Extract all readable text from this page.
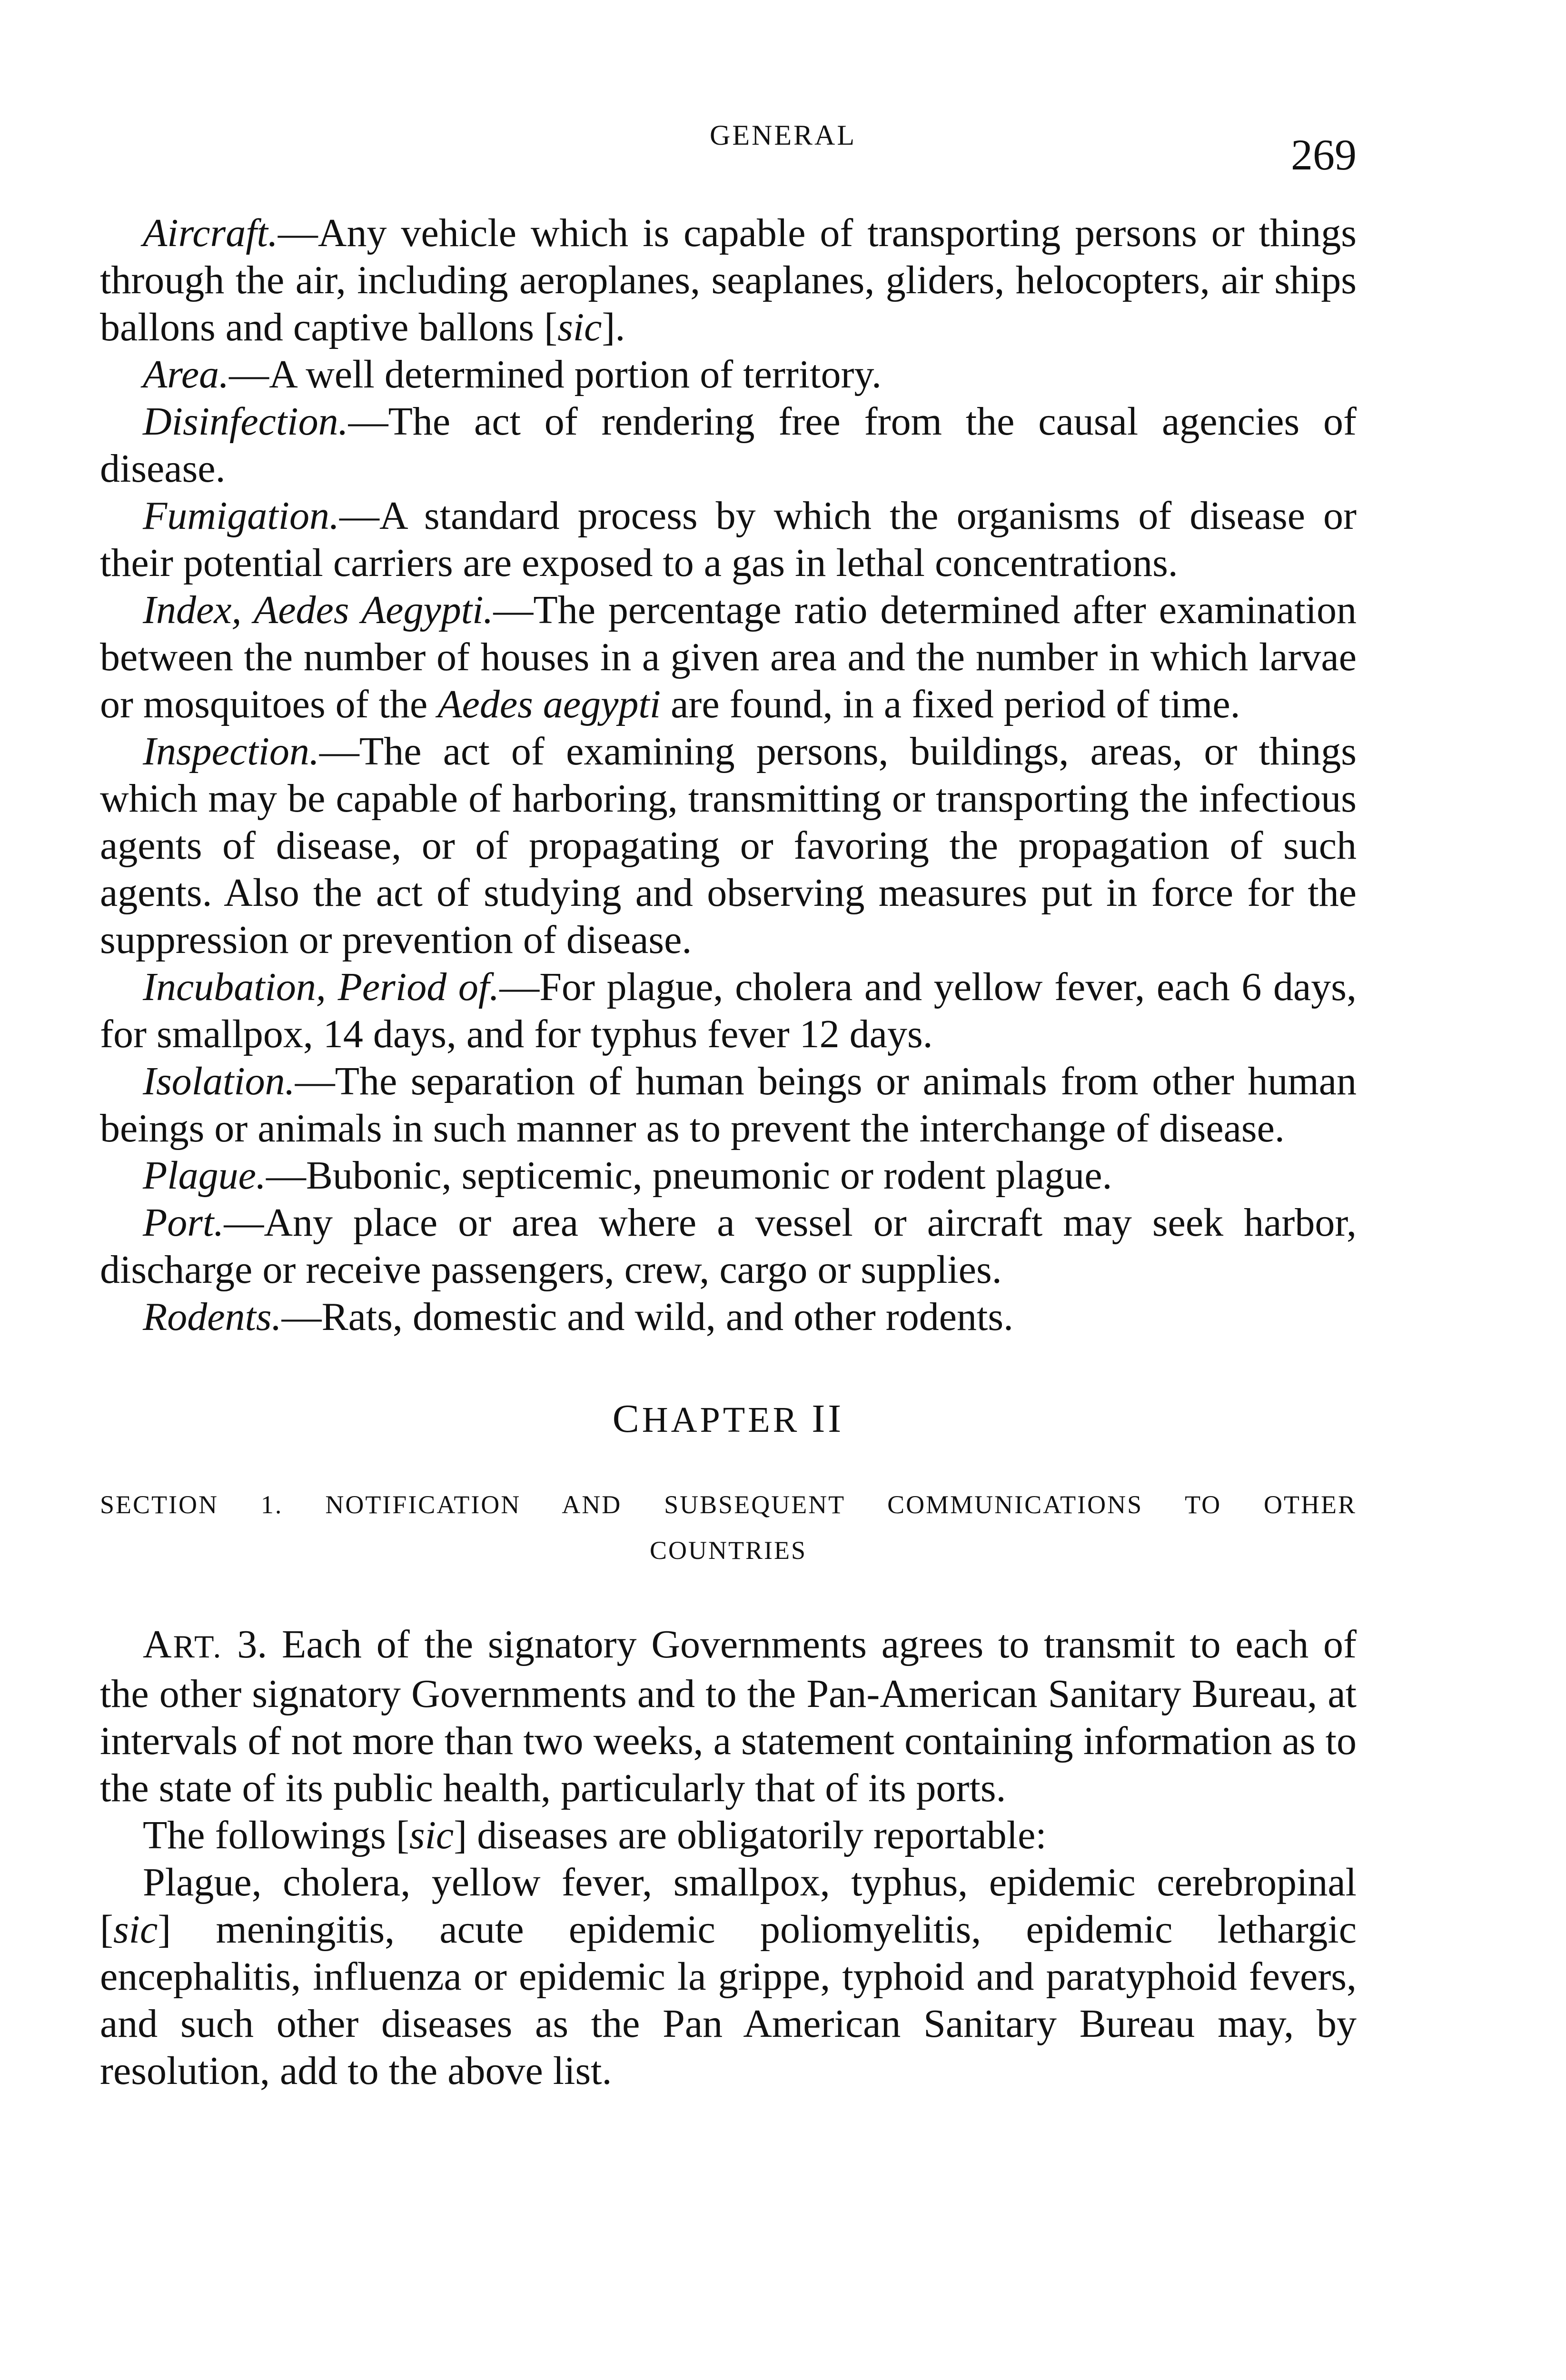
GENERAL	269

Aircraft.—Any vehicle which is capable of transporting persons or things through the air, including aeroplanes, seaplanes, gliders, helocopters, air ships ballons and captive ballons [sic].

Area.—A well determined portion of territory.

Disinfection.—The act of rendering free from the causal agencies of disease.

Fumigation.—A standard process by which the organisms of disease or their potential carriers are exposed to a gas in lethal concentrations.

Index, Aedes Aegypti.—The percentage ratio determined after examination between the number of houses in a given area and the number in which larvae or mosquitoes of the Aedes aegypti are found, in a fixed period of time.

Inspection.—The act of examining persons, buildings, areas, or things which may be capable of harboring, transmitting or transporting the infectious agents of disease, or of propagating or favoring the propagation of such agents. Also the act of studying and observing measures put in force for the suppression or prevention of disease.

Incubation, Period of.—For plague, cholera and yellow fever, each 6 days, for smallpox, 14 days, and for typhus fever 12 days.

Isolation.—The separation of human beings or animals from other human beings or animals in such manner as to prevent the interchange of disease.

Plague.—Bubonic, septicemic, pneumonic or rodent plague.

Port.—Any place or area where a vessel or aircraft may seek harbor, discharge or receive passengers, crew, cargo or supplies.

Rodents.—Rats, domestic and wild, and other rodents.

CHAPTER II
SECTION 1. NOTIFICATION AND SUBSEQUENT COMMUNICATIONS TO OTHER
COUNTRIES

ART. 3. Each of the signatory Governments agrees to transmit to each of the other signatory Governments and to the Pan-American Sanitary Bureau, at intervals of not more than two weeks, a statement containing information as to the state of its public health, particularly that of its ports.

The followings [sic] diseases are obligatorily reportable:

Plague, cholera, yellow fever, smallpox, typhus, epidemic cerebropinal [sic] meningitis, acute epidemic poliomyelitis, epidemic lethargic encephalitis, influenza or epidemic la grippe, typhoid and paratyphoid fevers, and such other diseases as the Pan American Sanitary Bureau may, by resolution, add to the above list.
